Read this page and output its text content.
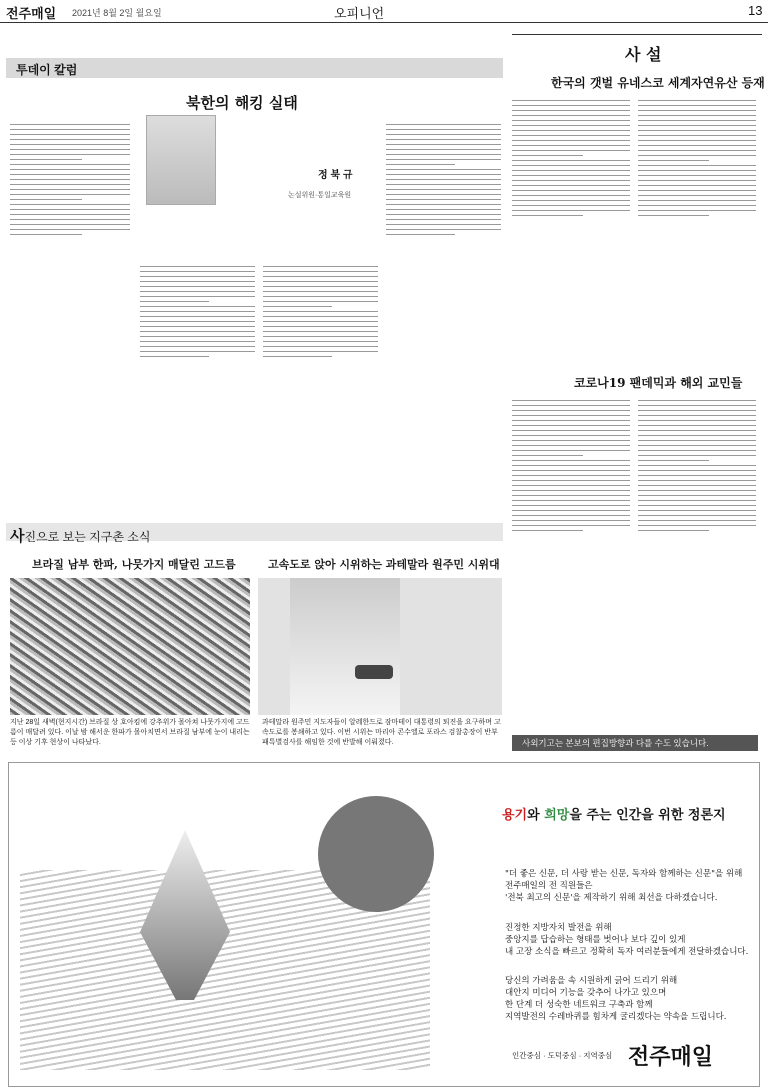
전주매일 2021년 8월 2일 월요일	오피니언	13
투데이 칼럼
북한의 해킹 실태
정 북 규
논설위원·통일교육원
사진으로 보는 지구촌 소식
브라질 남부 한파, 나뭇가지 매달린 고드름	고속도로 앉아 시위하는 과테말라 원주민 시위대
지난 28일 새벽(현지시간) 브라질 상 호아킴에 강추위가 몰아쳐 나뭇가지에 고드름이 매달려 있다. 이날 밤 해서운 한파가 몰아치면서 브라질 남부에 눈이 내리는 등 이상 기후 현상이 나타났다.
과테말라 원주민 지도자들이 알레한드로 잠마테이 대통령의 퇴진을 요구하며 고속도로를 봉쇄하고 있다. 이번 시위는 마리아 콘수엘로 포라스 검찰총장이 반부패특별검사를 해임한 것에 반발해 이뤄졌다.
사 설
한국의 갯벌 유네스코 세계자연유산 등재
코로나19 팬데믹과 해외 교민들
사외기고는 본보의 편집방향과 다를 수도 있습니다.
용기와 희망을 주는 인간을 위한 정론지
"더 좋은 신문, 더 사랑 받는 신문, 독자와 함께하는 신문"을 위해
전주매일의 전 직원들은
'전북 최고의 신문'을 제작하기 위해 최선을 다하겠습니다.
진정한 지방자치 발전을 위해
중앙지를 답습하는 형태를 벗어나 보다 깊이 있게
내 고장 소식을 빠르고 정확히 독자 여러분들에게 전달하겠습니다.
당신의 가려움을 속 시원하게 긁어 드리기 위해
대안지 미디어 기능을 갖추어 나가고 있으며
한 단계 더 성숙한 네트워크 구축과 함께
지역발전의 수레바퀴를 힘차게 굴리겠다는 약속을 드립니다.
인간중심 · 도덕중심 · 지역중심 전주매일
